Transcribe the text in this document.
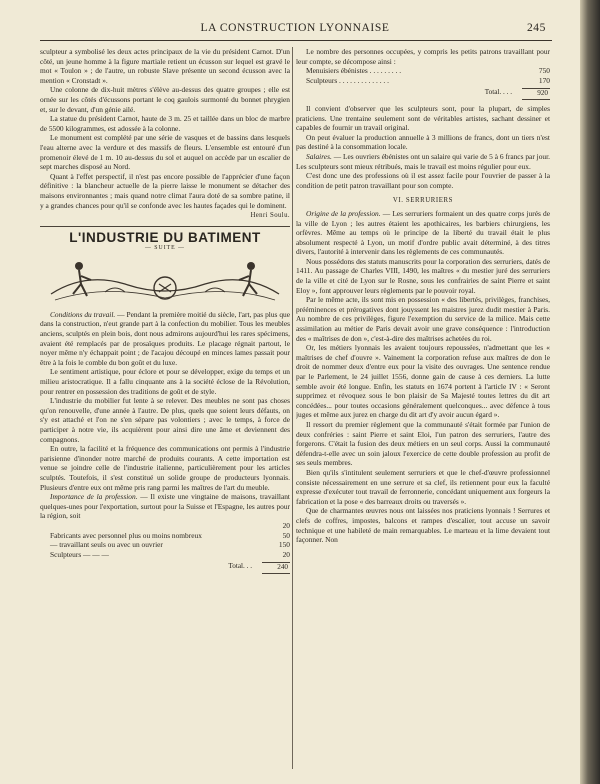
LA CONSTRUCTION LYONNAISE	245

sculpteur a symbolisé les deux actes principaux de la vie du président Carnot. D'un côté, un jeune homme à la figure martiale retient un écusson sur lequel est gravé le mot « Toulon » ; de l'autre, un robuste Slave présente un second écusson avec la mention « Cronstadt ».

Une colonne de dix-huit mètres s'élève au-dessus des quatre groupes ; elle est ornée sur les côtés d'écussons portant le coq gaulois surmonté du bonnet phrygien et, sur le devant, d'un génie ailé.

La statue du président Carnot, haute de 3 m. 25 et taillée dans un bloc de marbre de 5500 kilogrammes, est adossée à la colonne.

Le monument est complété par une série de vasques et de bassins dans lesquels l'eau alterne avec la verdure et des massifs de fleurs. L'ensemble est entouré d'un promenoir élevé de 1 m. 10 au-dessus du sol et auquel on accède par un escalier de sept marches disposé au Nord.

Quant à l'effet perspectif, il n'est pas encore possible de l'apprécier d'une façon définitive : la blancheur actuelle de la pierre laisse le monument se détacher des maisons environnantes ; mais quand notre climat l'aura doté de sa sombre patine, il y a grandes chances pour qu'il se confonde avec les hautes façades qui le dominent.

Henri Soulu.
L'INDUSTRIE DU BATIMENT
— SUITE —

Conditions du travail. — Pendant la première moitié du siècle, l'art, pas plus que dans la construction, n'eut grande part à la confection du mobilier. Tous les meubles anciens, sculptés en plein bois, dont nous admirons aujourd'hui les rares spécimens, avaient été remplacés par de prosaïques produits. Le placage régnait partout, le noyer même n'y échappait point ; de l'acajou découpé en minces lames passait pour être à la fois le comble du bon goût et du luxe.

Le sentiment artistique, pour éclore et pour se développer, exige du temps et un milieu aristocratique. Il a fallu cinquante ans à la société éclose de la Révolution, pour rentrer en possession des traditions de goût et de style.

L'industrie du mobilier fut lente à se relever. Des meubles ne sont pas choses qu'on renouvelle, d'une année à l'autre. De plus, quels que soient leurs défauts, on s'y est attaché et l'on ne s'en sépare pas volontiers ; avec le temps, à force de participer à notre vie, ils acquièrent pour ainsi dire une âme et deviennent des compagnons.

En outre, la facilité et la fréquence des communications ont permis à l'industrie parisienne d'inonder notre marché de produits courants. A cette importation est venue se joindre celle de l'industrie italienne, particulièrement pour les articles sculptés. Toutefois, il s'est constitué un solide groupe de producteurs lyonnais. Plusieurs d'entre eux ont même pris rang parmi les maîtres de l'art du meuble.

Importance de la profession. — Il existe une vingtaine de maisons, travaillant quelques-unes pour l'exportation, surtout pour la Suisse et l'Espagne, les autres pour la région, soit

20
Fabricants avec personnel plus ou moins nombreux	50
— travaillant seuls ou avec un ouvrier	150
Sculpteurs — — —	20
Total. . .	240

Le nombre des personnes occupées, y compris les petits patrons travaillant pour leur compte, se décompose ainsi :

Menuisiers ébénistes . . . . . . . . .	750
Sculpteurs . . . . . . . . . . . . . .	170
Total. . . .	920

Il convient d'observer que les sculpteurs sont, pour la plupart, de simples praticiens. Une trentaine seulement sont de véritables artistes, sachant dessiner et capables de fournir un travail original.

On peut évaluer la production annuelle à 3 millions de francs, dont un tiers n'est pas destiné à la consommation locale.

Salaires. — Les ouvriers ébénistes ont un salaire qui varie de 5 à 6 francs par jour. Les sculpteurs sont mieux rétribués, mais le travail est moins régulier pour eux.

C'est donc une des professions où il est assez facile pour l'ouvrier de passer à la condition de petit patron travaillant pour son compte.

VI. SERRURIERS

Origine de la profession. — Les serruriers formaient un des quatre corps jurés de la ville de Lyon ; les autres étaient les apothicaires, les barbiers chirurgiens, les orfèvres. Même au temps où le principe de la liberté du travail était le plus absolument respecté à Lyon, un motif d'ordre public avait déterminé, à des titres divers, l'autorité à intervenir dans les règlements de ces communautés.

Nous possédons des statuts manuscrits pour la corporation des serruriers, datés de 1411. Au passage de Charles VIII, 1490, les maîtres « du mestier juré des serruriers de la ville et cité de Lyon sur le Rosne, sous les confrairies de saint Pierre et saint Eloy », font approuver leurs règlements par le pouvoir royal.

Par le même acte, ils sont mis en possession « des libertés, privilèges, franchises, prééminences et prérogatives dont jouyssent les maistres jurez dudit mestier à Paris. Au nombre de ces privilèges, figure l'exemption du service de la milice. Mais cette assimilation au métier de Paris devait avoir une grave conséquence : l'introduction des « maîtrises de don », c'est-à-dire des maîtrises achetées du roi.

Or, les métiers lyonnais les avaient toujours repoussées, n'admettant que les « maîtrises de chef d'ouvre ». Vainement la corporation refuse aux maîtres de don le droit de nommer deux d'entre eux pour la visite des ouvrages. Une sentence rendue par le Parlement, le 24 juillet 1556, donne gain de cause à ces derniers. La lutte semble avoir été longue. Enfin, les statuts en 1674 portent à l'article IV : « Seront supprimez et révoquez sous le bon plaisir de Sa Majesté toutes lettres du dit art concédées... pour toutes occasions généralement quelconques... avec défence à tous juges et même aux jurez en charge du dit art d'y avoir aucun égard ».

Il ressort du premier règlement que la communauté s'était formée par l'union de deux confréries : saint Pierre et saint Eloi, l'un patron des serruriers, l'autre des forgerons. C'était la fusion des deux métiers en un seul corps. Aussi la communauté défendra-t-elle avec un soin jaloux l'exercice de cette double profession au profit de ses seuls membres.

Bien qu'ils s'intitulent seulement serruriers et que le chef-d'œuvre professionnel consiste nécessairement en une serrure et sa clef, ils retiennent pour eux la faculté expresse d'exécuter tout travail de ferronnerie, concédant uniquement aux forgeurs la fabrication et la pose « des barreaux droits ou traversés ».

Que de charmantes œuvres nous ont laissées nos praticiens lyonnais ! Serrures et clefs de coffres, impostes, balcons et rampes d'escalier, tout accuse un savoir technique et une habileté de main remarquables. Le marteau et la lime devaient tout façonner. Non
